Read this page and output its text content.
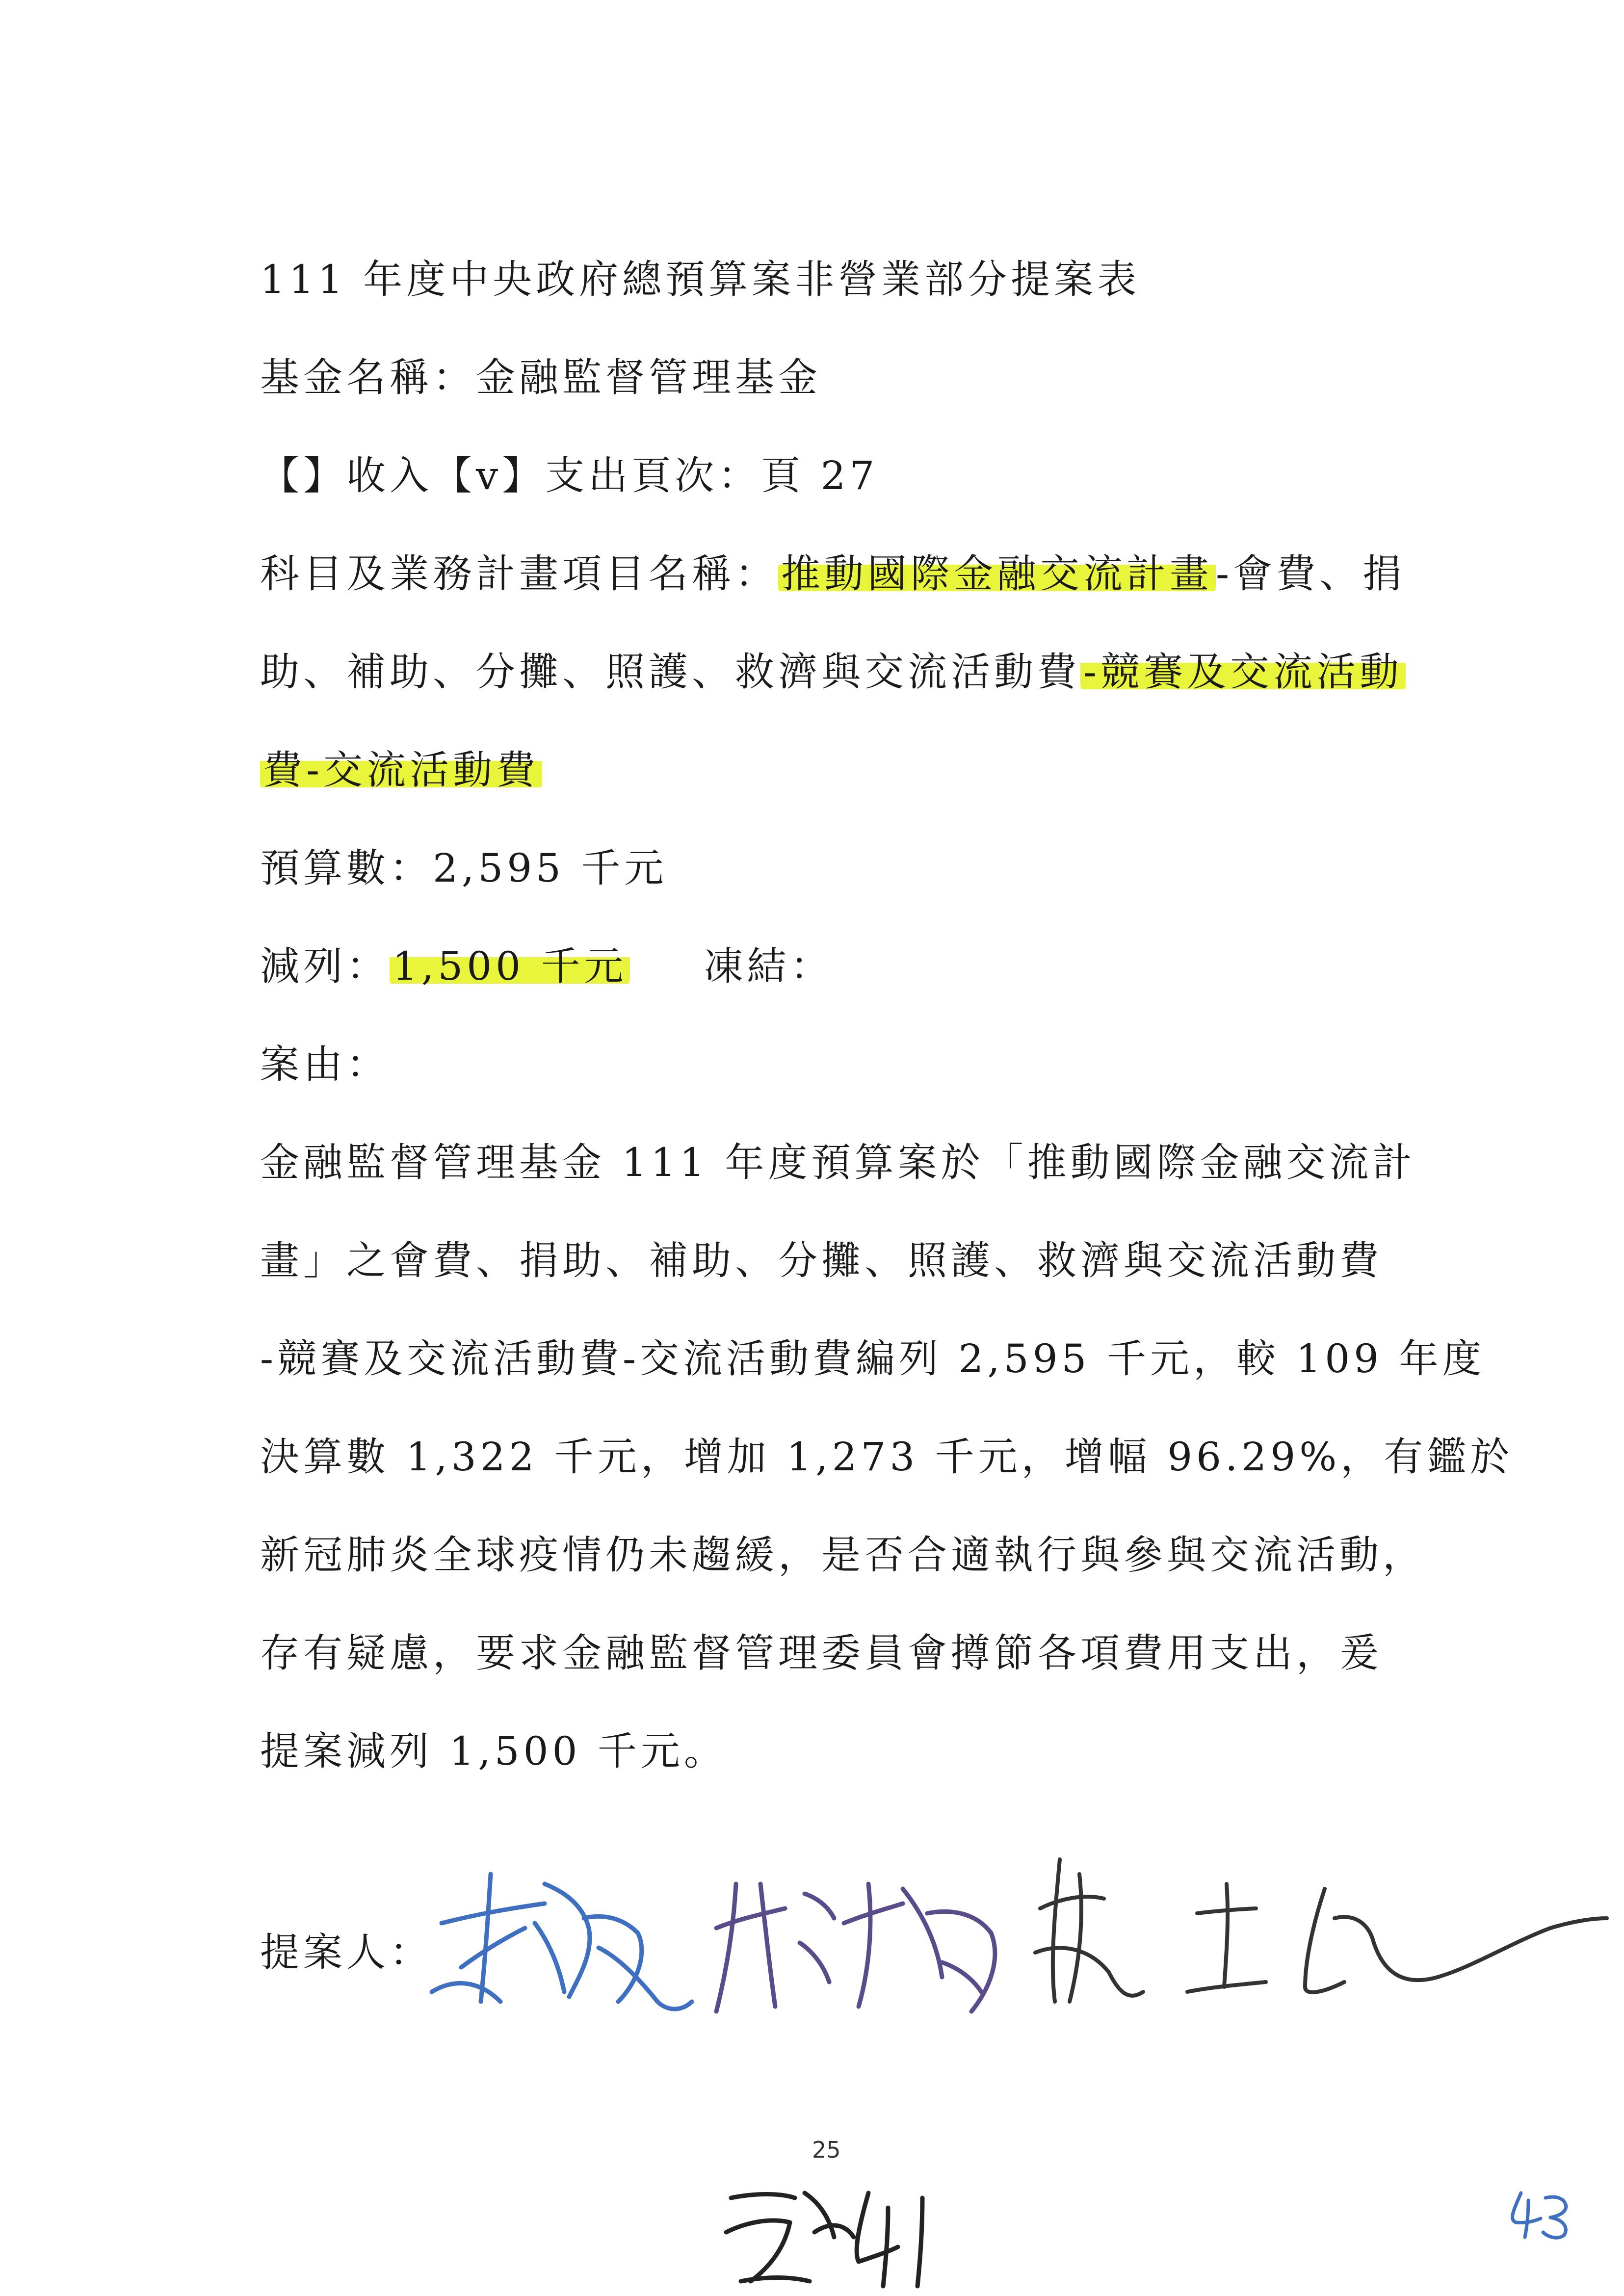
111 年度中央政府總預算案非營業部分提案表
基金名稱：金融監督管理基金
【】收入【v】支出頁次：頁 27
科目及業務計畫項目名稱：推動國際金融交流計畫-會費、捐
助、補助、分攤、照護、救濟與交流活動費-競賽及交流活動
費-交流活動費
預算數：2,595 千元
減列：1,500 千元 凍結：
案由：
金融監督管理基金 111 年度預算案於「推動國際金融交流計
畫」之會費、捐助、補助、分攤、照護、救濟與交流活動費
-競賽及交流活動費-交流活動費編列 2,595 千元，較 109 年度
決算數 1,322 千元，增加 1,273 千元，增幅 96.29%，有鑑於
新冠肺炎全球疫情仍未趨緩，是否合適執行與參與交流活動，
存有疑慮，要求金融監督管理委員會撙節各項費用支出，爰
提案減列 1,500 千元。
提案人：
25
